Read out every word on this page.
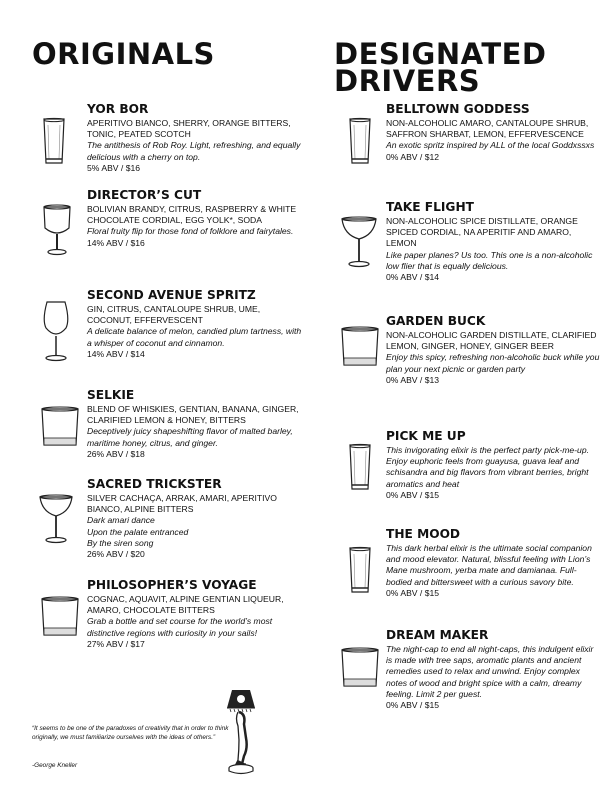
ORIGINALS	DESIGNATED
DRIVERS
YOR BOR
APERITIVO BIANCO, SHERRY, ORANGE BITTERS, TONIC, PEATED SCOTCH
The antithesis of Rob Roy. Light, refreshing, and equally delicious with a cherry on top.
5% ABV / $16
DIRECTOR’S CUT
BOLIVIAN BRANDY, CITRUS, RASPBERRY & WHITE CHOCOLATE CORDIAL, EGG YOLK*, SODA
Floral fruity flip for those fond of folklore and fairytales.
14% ABV / $16
SECOND AVENUE SPRITZ
GIN, CITRUS, CANTALOUPE SHRUB, UME, COCONUT, EFFERVESCENT
A delicate balance of melon, candied plum tartness, with a whisper of coconut and cinnamon.
14% ABV / $14
SELKIE
BLEND OF WHISKIES, GENTIAN, BANANA, GINGER, CLARIFIED LEMON & HONEY, BITTERS
Deceptively juicy shapeshifting flavor of malted barley, maritime honey, citrus, and ginger.
26% ABV / $18
SACRED TRICKSTER
SILVER CACHAÇA, ARRAK, AMARI, APERITIVO BIANCO, ALPINE BITTERS
Dark amari dance
Upon the palate entranced
By the siren song
26% ABV / $20
PHILOSOPHER’S VOYAGE
COGNAC, AQUAVIT, ALPINE GENTIAN LIQUEUR, AMARO, CHOCOLATE BITTERS
Grab a bottle and set course for the world’s most distinctive regions with curiosity in your sails!
27% ABV / $17
BELLTOWN GODDESS
NON-ALCOHOLIC AMARO, CANTALOUPE SHRUB, SAFFRON SHARBAT, LEMON, EFFERVESCENCE
An exotic spritz inspired by ALL of the local Goddxssxs
0% ABV / $12
TAKE FLIGHT
NON-ALCOHOLIC SPICE DISTILLATE, ORANGE SPICED CORDIAL, NA APERITIF AND AMARO, LEMON
Like paper planes? Us too. This one is a non-alcoholic low flier that is equally delicious.
0% ABV / $14
GARDEN BUCK
NON-ALCOHOLIC GARDEN DISTILLATE, CLARIFIED LEMON, GINGER, HONEY, GINGER BEER
Enjoy this spicy, refreshing non-alcoholic buck while you plan your next picnic or garden party
0% ABV / $13
PICK ME UP
This invigorating elixir is the perfect party pick-me-up. Enjoy euphoric feels from guayusa, guava leaf and schisandra and big flavors from vibrant berries, bright aromatics and heat
0% ABV / $15
THE MOOD
This dark herbal elixir is the ultimate social companion and mood elevator. Natural, blissful feeling with Lion’s Mane mushroom, yerba mate and damianaa. Full-bodied and bittersweet with a curious savory bite.
0% ABV / $15
DREAM MAKER
The night-cap to end all night-caps, this indulgent elixir is made with tree saps, aromatic plants and ancient remedies used to relax and unwind. Enjoy complex notes of wood and bright spice with a calm, dreamy feeling. Limit 2 per guest.
0% ABV / $15
“It seems to be one of the paradoxes of creativity that in order to think originally, we must familiarize ourselves with the ideas of others.”
-George Kneller
